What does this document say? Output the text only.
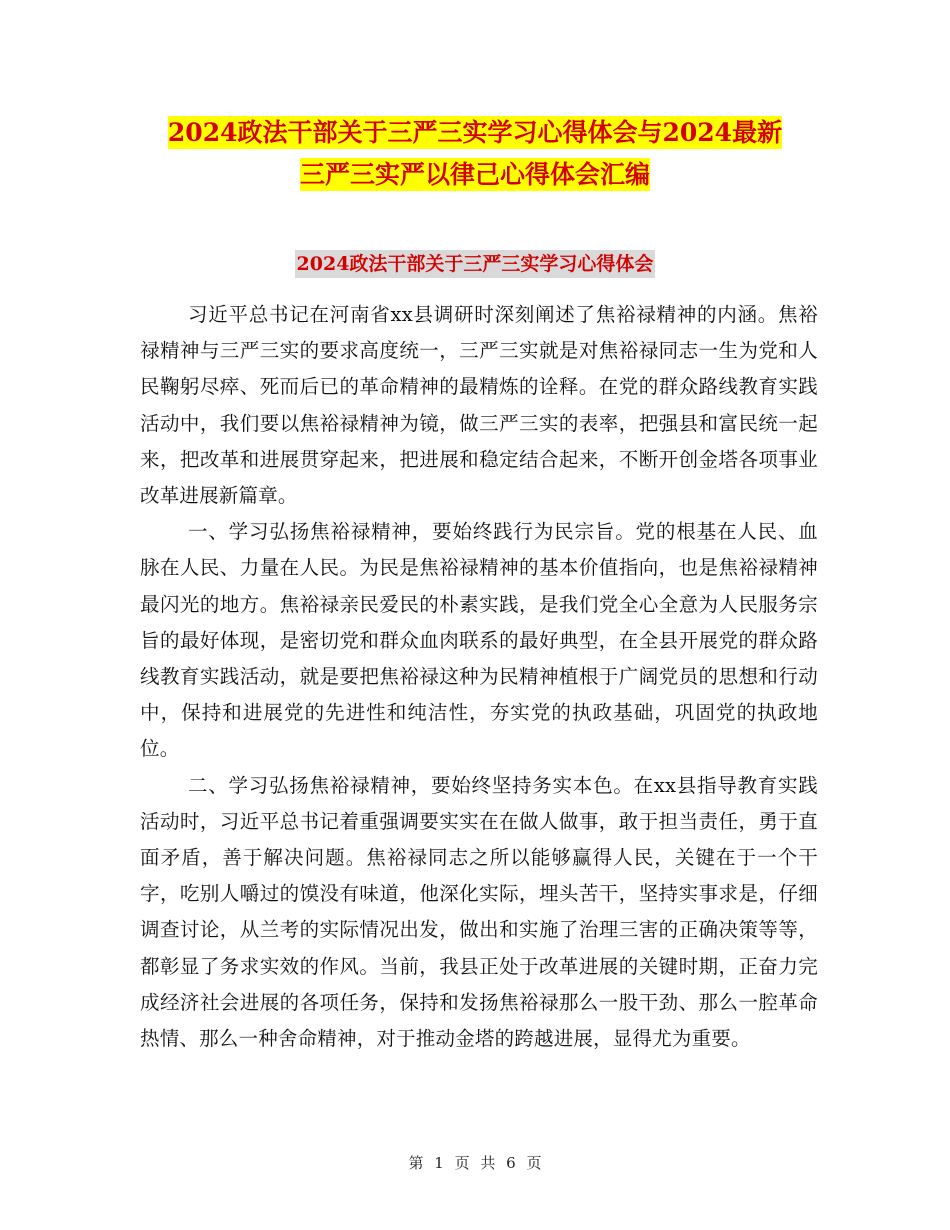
2024政法干部关于三严三实学习心得体会与2024最新
三严三实严以律己心得体会汇编
2024政法干部关于三严三实学习心得体会

习近平总书记在河南省xx县调研时深刻阐述了焦裕禄精神的内涵。焦裕禄精神与三严三实的要求高度统一，三严三实就是对焦裕禄同志一生为党和人民鞠躬尽瘁、死而后已的革命精神的最精炼的诠释。在党的群众路线教育实践活动中，我们要以焦裕禄精神为镜，做三严三实的表率，把强县和富民统一起来，把改革和进展贯穿起来，把进展和稳定结合起来，不断开创金塔各项事业改革进展新篇章。

一、学习弘扬焦裕禄精神，要始终践行为民宗旨。党的根基在人民、血脉在人民、力量在人民。为民是焦裕禄精神的基本价值指向，也是焦裕禄精神最闪光的地方。焦裕禄亲民爱民的朴素实践，是我们党全心全意为人民服务宗旨的最好体现，是密切党和群众血肉联系的最好典型，在全县开展党的群众路线教育实践活动，就是要把焦裕禄这种为民精神植根于广阔党员的思想和行动中，保持和进展党的先进性和纯洁性，夯实党的执政基础，巩固党的执政地位。

二、学习弘扬焦裕禄精神，要始终坚持务实本色。在xx县指导教育实践活动时，习近平总书记着重强调要实实在在做人做事，敢于担当责任，勇于直面矛盾，善于解决问题。焦裕禄同志之所以能够赢得人民，关键在于一个干字，吃别人嚼过的馍没有味道，他深化实际，埋头苦干，坚持实事求是，仔细调查讨论，从兰考的实际情况出发，做出和实施了治理三害的正确决策等等，都彰显了务求实效的作风。当前，我县正处于改革进展的关键时期，正奋力完成经济社会进展的各项任务，保持和发扬焦裕禄那么一股干劲、那么一腔革命热情、那么一种舍命精神，对于推动金塔的跨越进展，显得尤为重要。

第 1 页 共 6 页
